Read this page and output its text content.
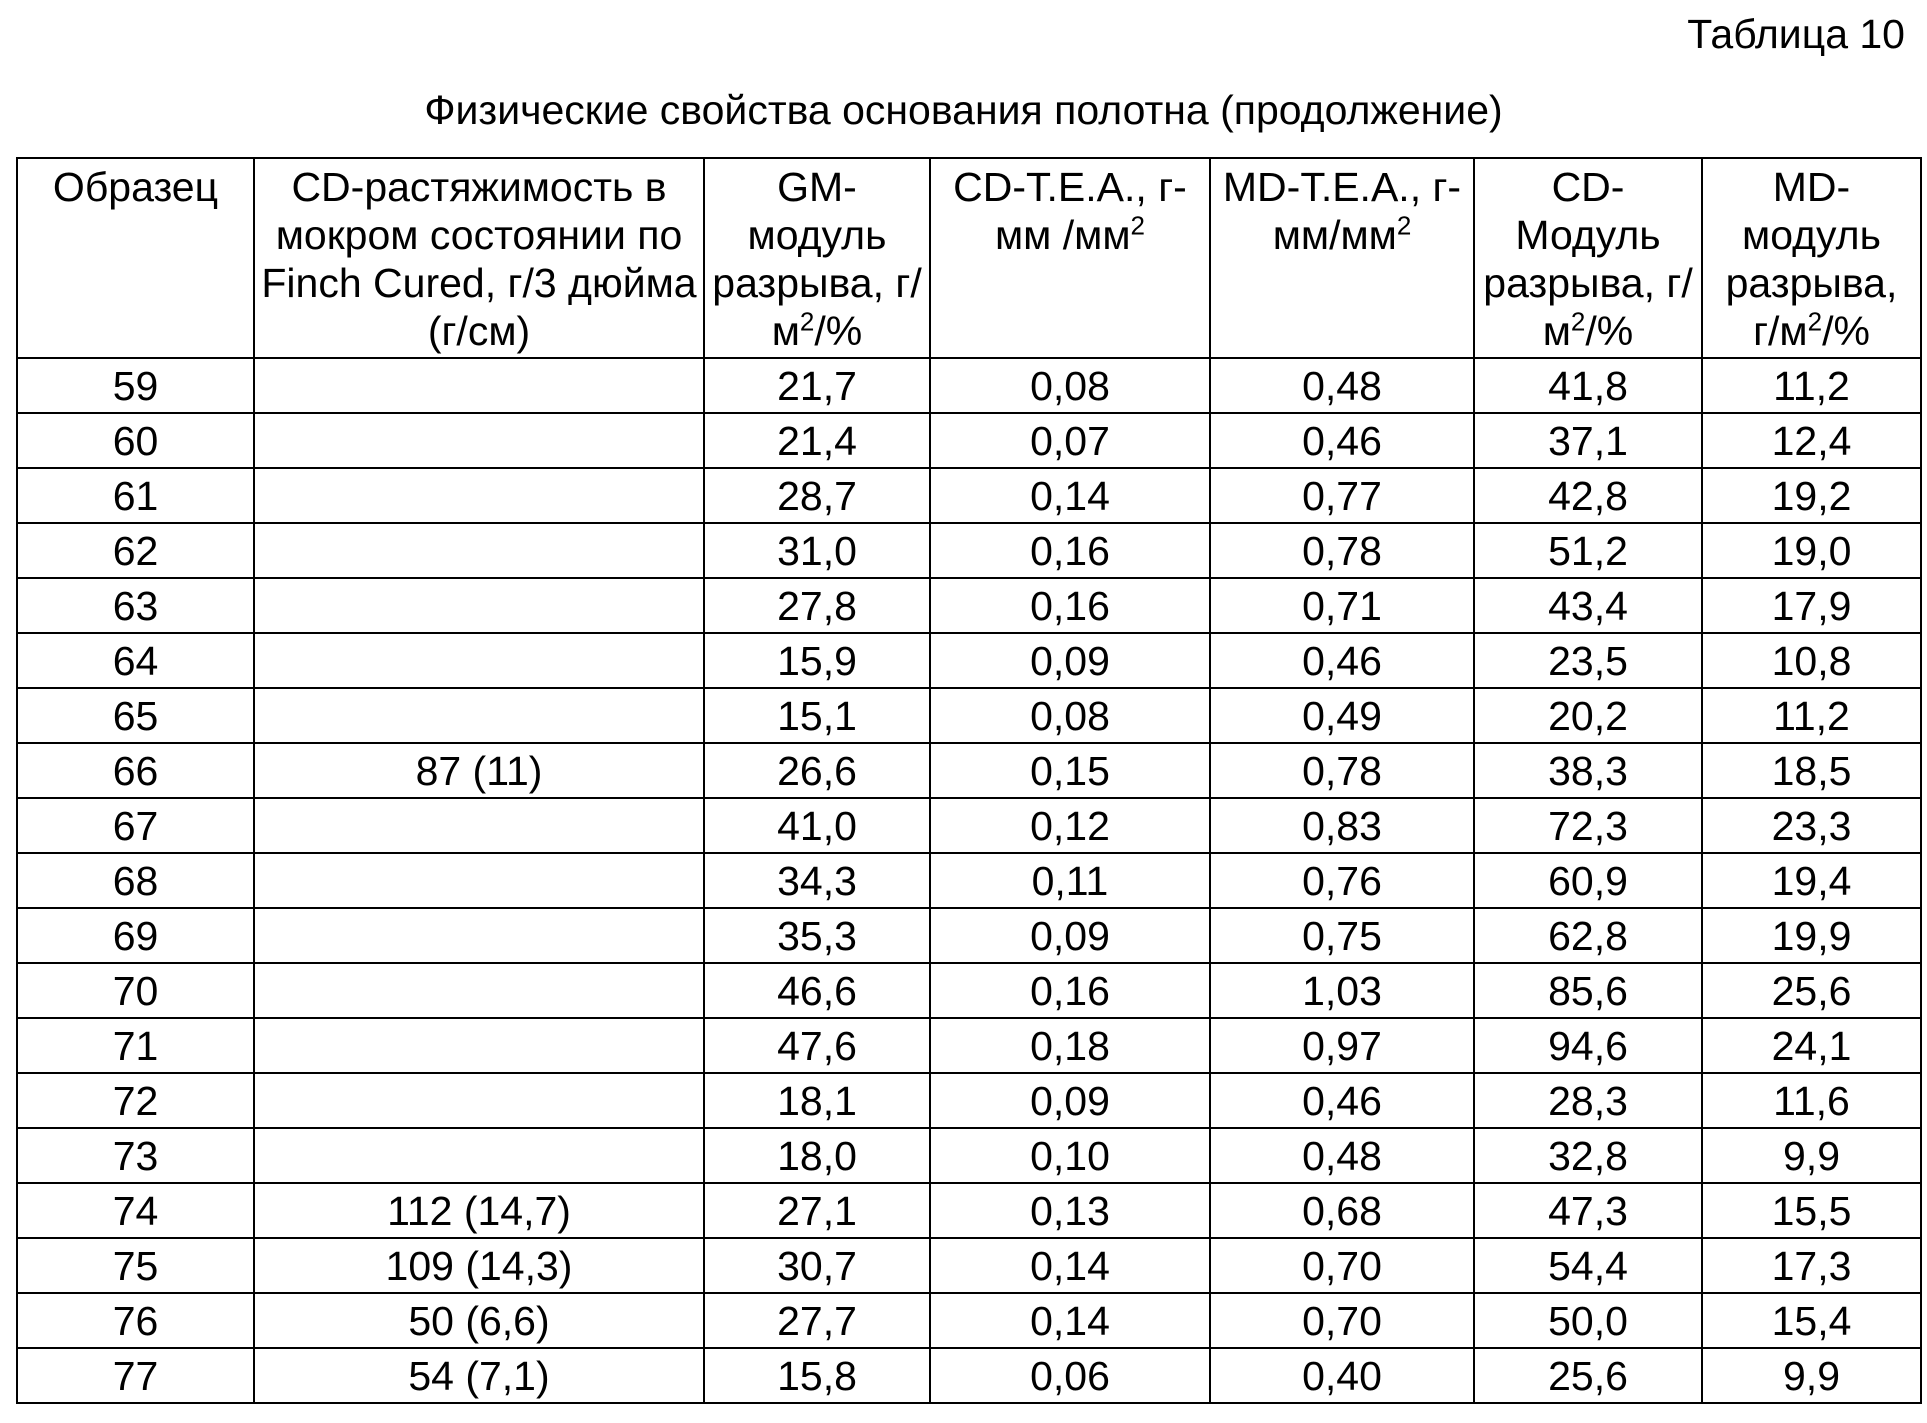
Таблица 10
Физические свойства основания полотна (продолжение)
Образец	CD-растяжимость в мокром состоянии по Finch Cured, г/3 дюйма (г/см)	GM-модуль разрыва, $г/м^2/\%$	CD-T.E.A., г-мм $/мм^2$	MD-T.E.A., $г-мм/мм^2$	CD-Модуль разрыва, $г/м^2/\%$	MD-модуль разрыва, $г/м^2/\%$
59		21,7	0,08	0,48	41,8	11,2
60		21,4	0,07	0,46	37,1	12,4
61		28,7	0,14	0,77	42,8	19,2
62		31,0	0,16	0,78	51,2	19,0
63		27,8	0,16	0,71	43,4	17,9
64		15,9	0,09	0,46	23,5	10,8
65		15,1	0,08	0,49	20,2	11,2
66	87 (11)	26,6	0,15	0,78	38,3	18,5
67		41,0	0,12	0,83	72,3	23,3
68		34,3	0,11	0,76	60,9	19,4
69		35,3	0,09	0,75	62,8	19,9
70		46,6	0,16	1,03	85,6	25,6
71		47,6	0,18	0,97	94,6	24,1
72		18,1	0,09	0,46	28,3	11,6
73		18,0	0,10	0,48	32,8	9,9
74	112 (14,7)	27,1	0,13	0,68	47,3	15,5
75	109 (14,3)	30,7	0,14	0,70	54,4	17,3
76	50 (6,6)	27,7	0,14	0,70	50,0	15,4
77	54 (7,1)	15,8	0,06	0,40	25,6	9,9
